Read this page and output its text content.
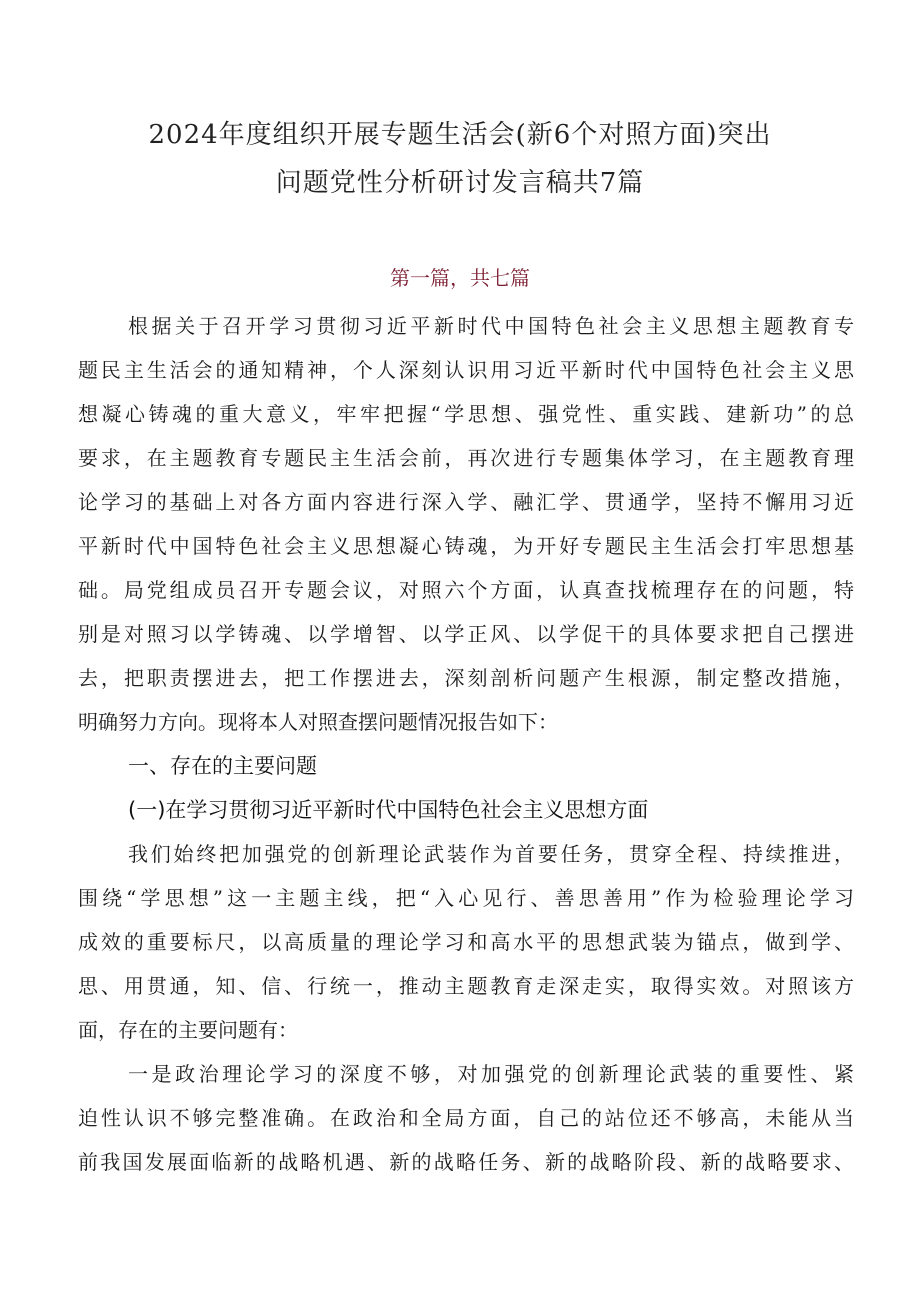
2024年度组织开展专题生活会(新6个对照方面)突出
问题党性分析研讨发言稿共7篇
第一篇，共七篇
根据关于召开学习贯彻习近平新时代中国特色社会主义思想主题教育专
题民主生活会的通知精神，个人深刻认识用习近平新时代中国特色社会主义思
想凝心铸魂的重大意义，牢牢把握“学思想、强党性、重实践、建新功”的总
要求，在主题教育专题民主生活会前，再次进行专题集体学习，在主题教育理
论学习的基础上对各方面内容进行深入学、融汇学、贯通学，坚持不懈用习近
平新时代中国特色社会主义思想凝心铸魂，为开好专题民主生活会打牢思想基
础。局党组成员召开专题会议，对照六个方面，认真查找梳理存在的问题，特
别是对照习以学铸魂、以学增智、以学正风、以学促干的具体要求把自己摆进
去，把职责摆进去，把工作摆进去，深刻剖析问题产生根源，制定整改措施，
明确努力方向。现将本人对照查摆问题情况报告如下：
一、存在的主要问题
(一)在学习贯彻习近平新时代中国特色社会主义思想方面
我们始终把加强党的创新理论武装作为首要任务，贯穿全程、持续推进，
围绕“学思想”这一主题主线，把“入心见行、善思善用”作为检验理论学习
成效的重要标尺，以高质量的理论学习和高水平的思想武装为锚点，做到学、
思、用贯通，知、信、行统一，推动主题教育走深走实，取得实效。对照该方
面，存在的主要问题有：
一是政治理论学习的深度不够，对加强党的创新理论武装的重要性、紧
迫性认识不够完整准确。在政治和全局方面，自己的站位还不够高，未能从当
前我国发展面临新的战略机遇、新的战略任务、新的战略阶段、新的战略要求、
